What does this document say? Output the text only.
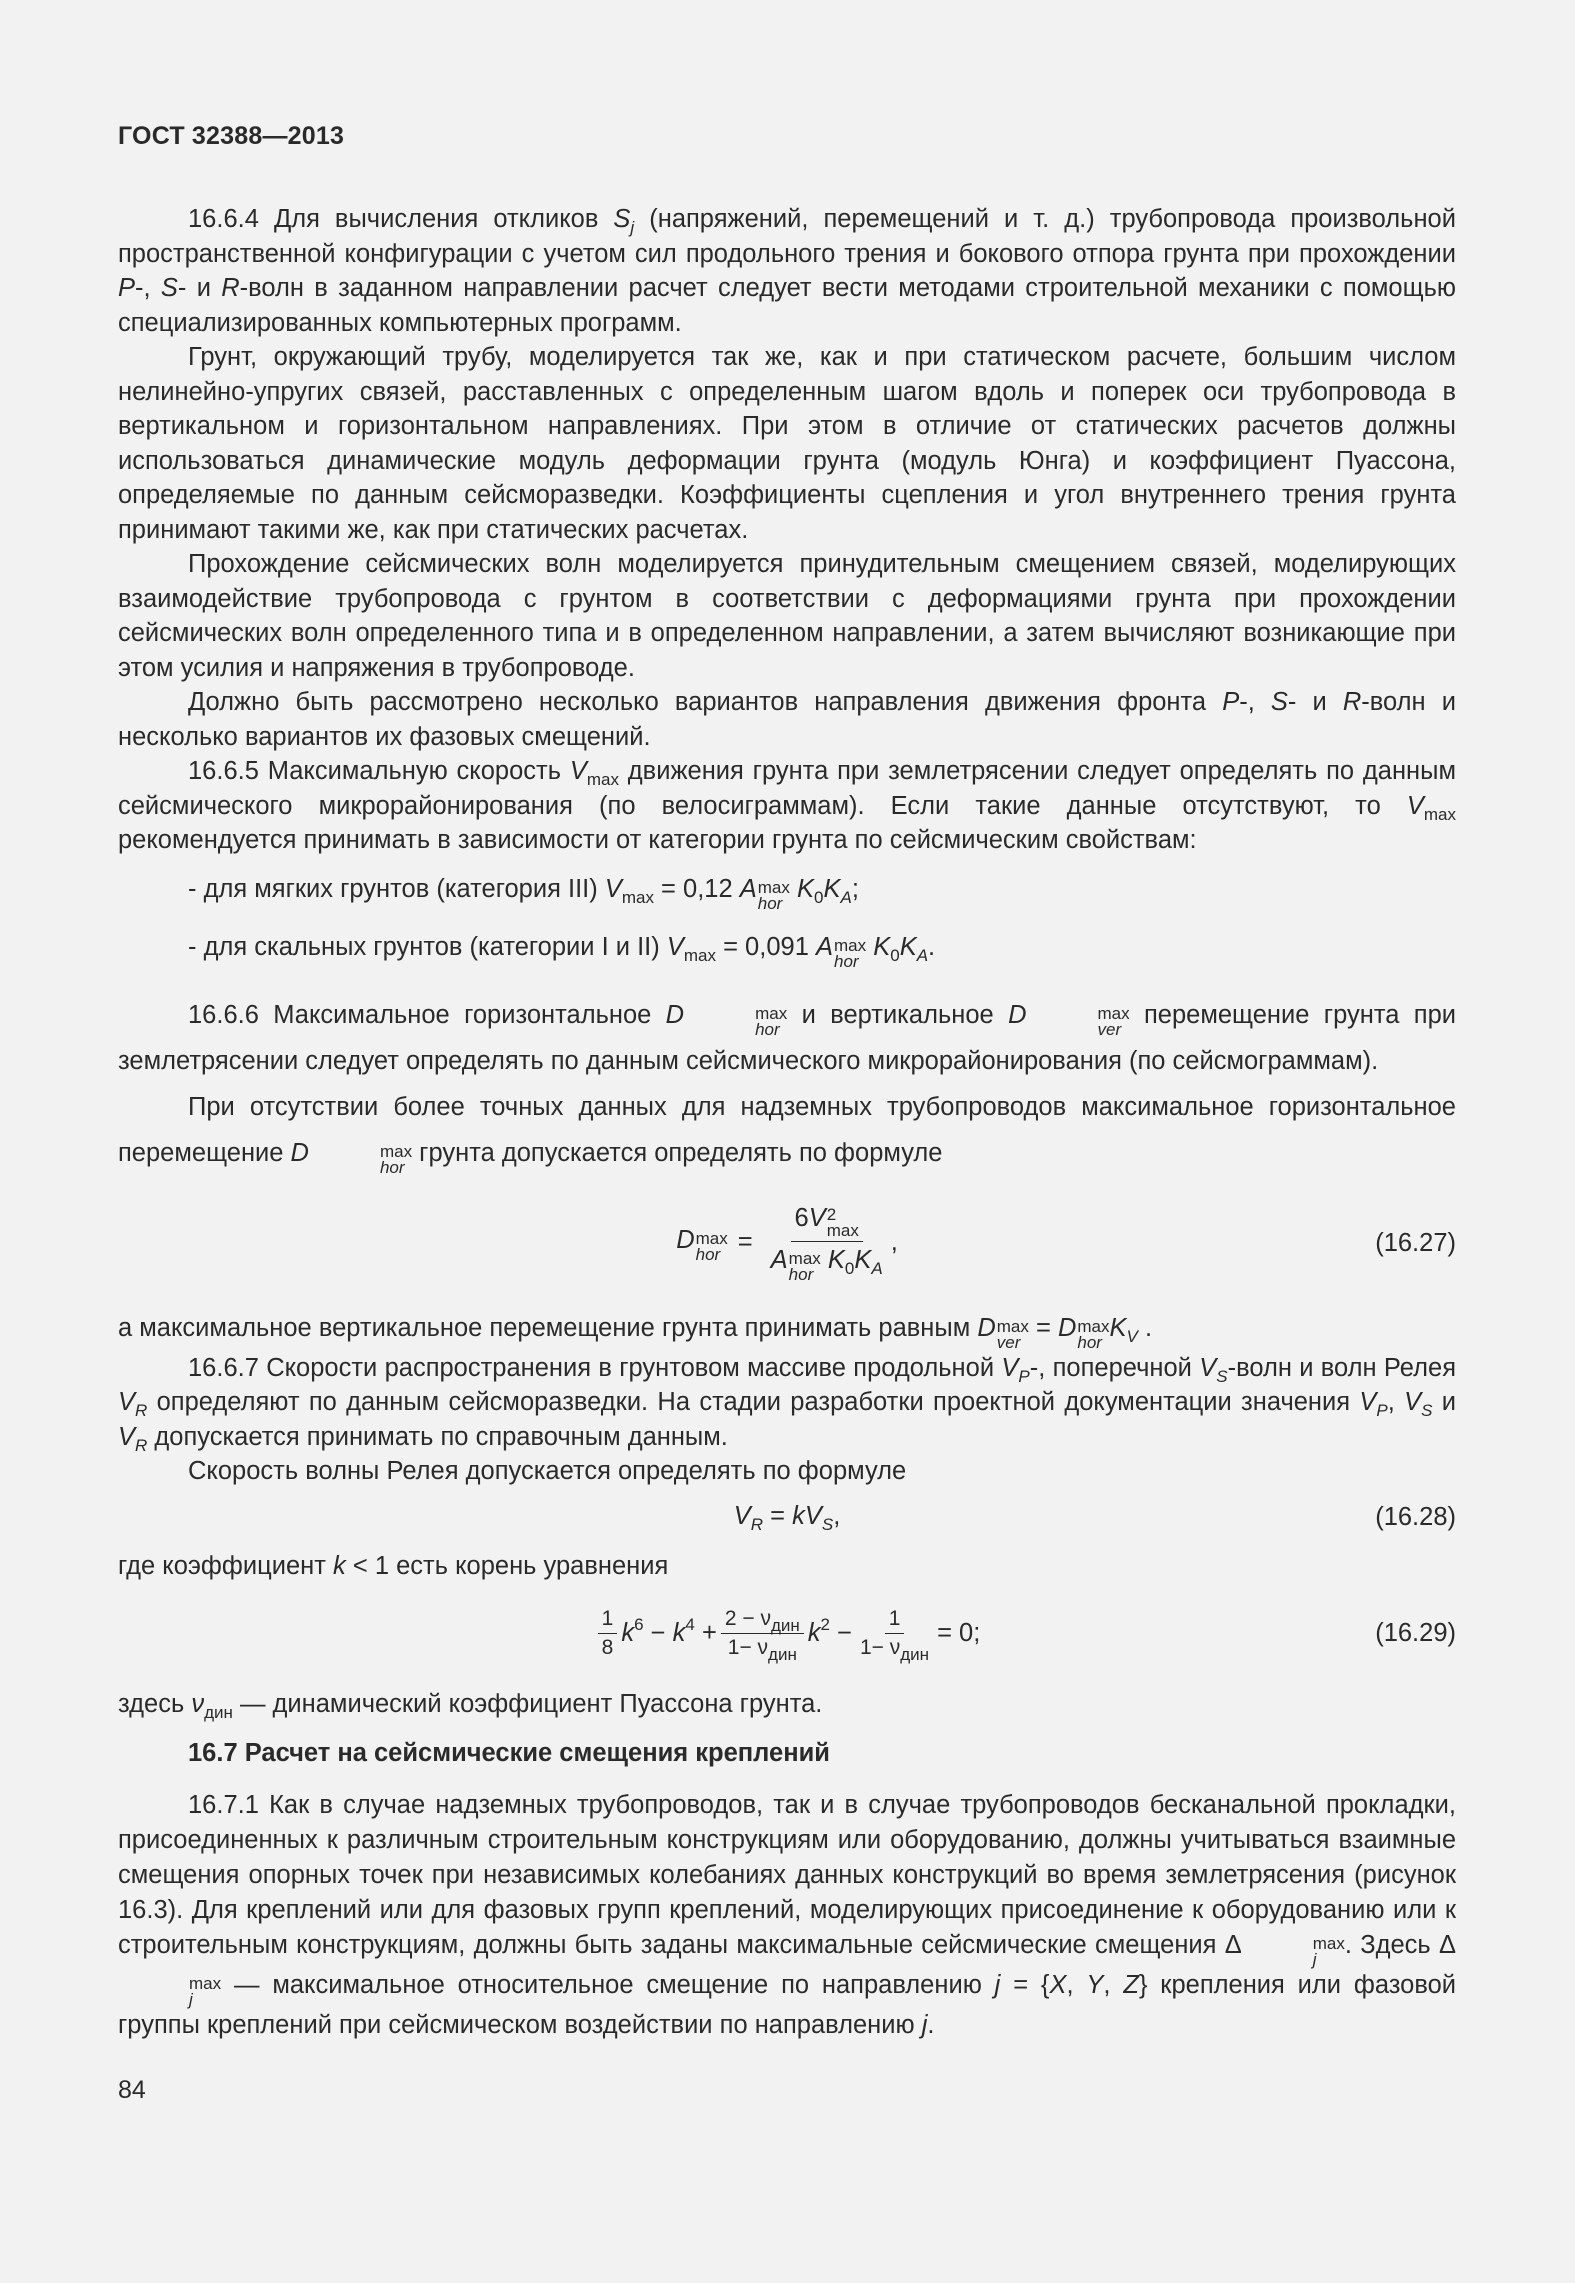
ГОСТ 32388—2013

16.6.4 Для вычисления откликов $S_j$ (напряжений, перемещений и т. д.) трубопровода произвольной пространственной конфигурации с учетом сил продольного трения и бокового отпора грунта при прохождении P-, S- и R-волн в заданном направлении расчет следует вести методами строительной механики с помощью специализированных компьютерных программ.

Грунт, окружающий трубу, моделируется так же, как и при статическом расчете, большим числом нелинейно-упругих связей, расставленных с определенным шагом вдоль и поперек оси трубопровода в вертикальном и горизонтальном направлениях. При этом в отличие от статических расчетов должны использоваться динамические модуль деформации грунта (модуль Юнга) и коэффициент Пуассона, определяемые по данным сейсморазведки. Коэффициенты сцепления и угол внутреннего трения грунта принимают такими же, как при статических расчетах.

Прохождение сейсмических волн моделируется принудительным смещением связей, моделирующих взаимодействие трубопровода с грунтом в соответствии с деформациями грунта при прохождении сейсмических волн определенного типа и в определенном направлении, а затем вычисляют возникающие при этом усилия и напряжения в трубопроводе.

Должно быть рассмотрено несколько вариантов направления движения фронта P-, S- и R-волн и несколько вариантов их фазовых смещений.

16.6.5 Максимальную скорость $V_{max}$ движения грунта при землетрясении следует определять по данным сейсмического микрорайонирования (по велосиграммам). Если такие данные отсутствуют, то $V_{max}$ рекомендуется принимать в зависимости от категории грунта по сейсмическим свойствам:

- для мягких грунтов (категория III) $V_{max} = 0,12$ A max
hor
$K_0K_A$;

- для скальных грунтов (категории I и II) $V_{max} = 0,091$ A max
hor
$K_0K_A$.

16.6.6 Максимальное горизонтальное D	max
hor
и вертикальное D	max
ver
перемещение грунта при землетрясении следует определять по данным сейсмического микрорайонирования (по сейсмограммам).

При отсутствии более точных данных для надземных трубопроводов максимальное горизонтальное перемещение D	max
hor
грунта допускается определять по формуле

D max
hor = 6V 2
max
A max
hor
$K_0K_A$ ,	(16.27)

а максимальное вертикальное перемещение грунта принимать равным D max
ver
= D max
hor
$K_V$ .

16.6.7 Скорости распространения в грунтовом массиве продольной $V_P-$, поперечной $V_S$-волн и волн Релея $V_R$ определяют по данным сейсморазведки. На стадии разработки проектной документации значения $V_P$, $V_S$ и $V_R$ допускается принимать по справочным данным.

Скорость волны Релея допускается определять по формуле

$V_R = kV_S$,	(16.28)

где коэффициент k < 1 есть корень уравнения

$\frac{1}{8} k^6 - k^4 + \frac{2 - \nu_{дин}}{1- \nu_{дин}} k^2 - \frac{1}{1- \nu_{дин}} = 0$;	(16.29)

здесь $\nu_{дин}$ — динамический коэффициент Пуассона грунта.

16.7 Расчет на сейсмические смещения креплений

16.7.1 Как в случае надземных трубопроводов, так и в случае трубопроводов бесканальной прокладки, присоединенных к различным строительным конструкциям или оборудованию, должны учитываться взаимные смещения опорных точек при независимых колебаниях данных конструкций во время землетрясения (рисунок 16.3). Для креплений или для фазовых групп креплений, моделирующих присоединение к оборудованию или к строительным конструкциям, должны быть заданы максимальные сейсмические смещения Δ	max
j
. Здесь Δ
max
j
— максимальное относительное смещение по направлению j = {X, Y, Z} крепления или фазовой группы креплений при сейсмическом воздействии по направлению j.

84
